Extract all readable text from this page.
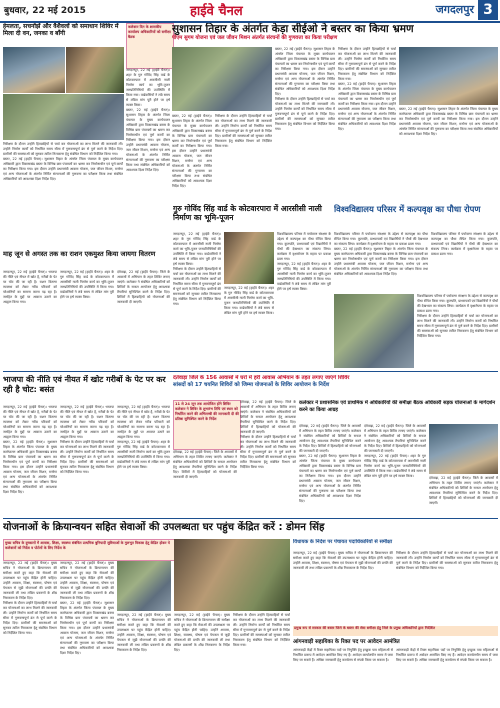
बुधवार, 22 मई 2015	हाईवे चैनल	जगदलपुर 3
हेमलता, सचनोंझें और वैशैवलों को समाधान शिविर में मिला दी वन, जनका व बाँगी

निरीक्षण के दौरान उन्होंने हितग्राहियों से चर्चा कर योजनाओं का लाभ मिलने की जानकारी ली। उन्होंने निर्माण कार्यों को निर्धारित समय सीमा में गुणवत्तापूर्ण ढंग से पूर्ण करने के निर्देश दिए। ग्रामीणों की समस्याओं को सुनकर त्वरित निराकरण हेतु संबंधित विभाग को निर्देशित किया गया।

बस्तर, 22 मई (हाईवे चैनल)। सुशासन तिहार के अंतर्गत जिला पंचायत के मुख्य कार्यपालन अधिकारी द्वारा विकासखंड बस्तर के विभिन्न ग्राम पंचायतों का भ्रमण कर निर्माणाधीन एवं पूर्ण कार्यों का निरीक्षण किया गया। इस दौरान उन्होंने प्रधानमंत्री आवास योजना, जल जीवन मिशन, मनरेगा एवं अन्य योजनाओं के अंतर्गत निर्मित संरचनाओं की गुणवत्ता का परीक्षण किया तथा संबंधित अधिकारियों को आवश्यक दिशा निर्देश दिए।

कलेक्टर दिन के शासकीय कार्यालय अधिकारियों को समीक्षा बैठक

जगदलपुर, 22 मई (हाईवे चैनल)। शहर के गुरु गोविंद सिंह वार्ड के कोटवारपारा में आरसीसी नाली निर्माण कार्य का भूमि-पूजन जनप्रतिनिधियों की उपस्थिति में किया गया। वार्डवासियों ने लंबे समय से लंबित मांग पूरी होने पर हर्ष व्यक्त किया।

बस्तर, 22 मई (हाईवे चैनल)। सुशासन तिहार के अंतर्गत जिला पंचायत के मुख्य कार्यपालन अधिकारी द्वारा विकासखंड बस्तर के विभिन्न ग्राम पंचायतों का भ्रमण कर निर्माणाधीन एवं पूर्ण कार्यों का निरीक्षण किया गया। इस दौरान उन्होंने प्रधानमंत्री आवास योजना, जल जीवन मिशन, मनरेगा एवं अन्य योजनाओं के अंतर्गत निर्मित संरचनाओं की गुणवत्ता का परीक्षण किया तथा संबंधित अधिकारियों को आवश्यक दिशा निर्देश दिए।

सुशासन तिहार के अंतर्गत केड़ा सीईओ ने बस्तर का किया भ्रमण
पीएम सुगम योजना एवं जल जीवन मिशन अंतर्गत संरचनों की गुणवत्ता का किया परीक्षण

बस्तर, 22 मई (हाईवे चैनल)। सुशासन तिहार के अंतर्गत जिला पंचायत के मुख्य कार्यपालन अधिकारी द्वारा विकासखंड बस्तर के विभिन्न ग्राम पंचायतों का भ्रमण कर निर्माणाधीन एवं पूर्ण कार्यों का निरीक्षण किया गया। इस दौरान उन्होंने प्रधानमंत्री आवास योजना, जल जीवन मिशन, मनरेगा एवं अन्य योजनाओं के अंतर्गत निर्मित संरचनाओं की गुणवत्ता का परीक्षण किया तथा संबंधित अधिकारियों को आवश्यक दिशा निर्देश दिए।

निरीक्षण के दौरान उन्होंने हितग्राहियों से चर्चा कर योजनाओं का लाभ मिलने की जानकारी ली। उन्होंने निर्माण कार्यों को निर्धारित समय सीमा में गुणवत्तापूर्ण ढंग से पूर्ण करने के निर्देश दिए। ग्रामीणों की समस्याओं को सुनकर त्वरित निराकरण हेतु संबंधित विभाग को निर्देशित किया गया।

बस्तर, 22 मई (हाईवे चैनल)। सुशासन तिहार के अंतर्गत जिला पंचायत के मुख्य कार्यपालन अधिकारी द्वारा विकासखंड बस्तर के विभिन्न ग्राम पंचायतों का भ्रमण कर निर्माणाधीन एवं पूर्ण कार्यों का निरीक्षण किया गया। इस दौरान उन्होंने प्रधानमंत्री आवास योजना, जल जीवन मिशन, मनरेगा एवं अन्य योजनाओं के अंतर्गत निर्मित संरचनाओं की गुणवत्ता का परीक्षण किया तथा संबंधित अधिकारियों को आवश्यक दिशा निर्देश दिए।

निरीक्षण के दौरान उन्होंने हितग्राहियों से चर्चा कर योजनाओं का लाभ मिलने की जानकारी ली। उन्होंने निर्माण कार्यों को निर्धारित समय सीमा में गुणवत्तापूर्ण ढंग से पूर्ण करने के निर्देश दिए। ग्रामीणों की समस्याओं को सुनकर त्वरित निराकरण हेतु संबंधित विभाग को निर्देशित किया गया।

निरीक्षण के दौरान उन्होंने हितग्राहियों से चर्चा कर योजनाओं का लाभ मिलने की जानकारी ली। उन्होंने निर्माण कार्यों को निर्धारित समय सीमा में गुणवत्तापूर्ण ढंग से पूर्ण करने के निर्देश दिए। ग्रामीणों की समस्याओं को सुनकर त्वरित निराकरण हेतु संबंधित विभाग को निर्देशित किया गया।

बस्तर, 22 मई (हाईवे चैनल)। सुशासन तिहार के अंतर्गत जिला पंचायत के मुख्य कार्यपालन अधिकारी द्वारा विकासखंड बस्तर के विभिन्न ग्राम पंचायतों का भ्रमण कर निर्माणाधीन एवं पूर्ण कार्यों का निरीक्षण किया गया। इस दौरान उन्होंने प्रधानमंत्री आवास योजना, जल जीवन मिशन, मनरेगा एवं अन्य योजनाओं के अंतर्गत निर्मित संरचनाओं की गुणवत्ता का परीक्षण किया तथा संबंधित अधिकारियों को आवश्यक दिशा निर्देश दिए।

बस्तर, 22 मई (हाईवे चैनल)। सुशासन तिहार के अंतर्गत जिला पंचायत के मुख्य कार्यपालन अधिकारी द्वारा विकासखंड बस्तर के विभिन्न ग्राम पंचायतों का भ्रमण कर निर्माणाधीन एवं पूर्ण कार्यों का निरीक्षण किया गया। इस दौरान उन्होंने प्रधानमंत्री आवास योजना, जल जीवन मिशन, मनरेगा एवं अन्य योजनाओं के अंतर्गत निर्मित संरचनाओं की गुणवत्ता का परीक्षण किया तथा संबंधित अधिकारियों को आवश्यक दिशा निर्देश दिए।

माह जून से अगस्त तक का राशन एकमुश्त किया जायगा वितरण

जगदलपुर, 22 मई (हाईवे चैनल)। भाजपा की नीति एवं नीयत में खोट है, गरीबों के पेट पर चोट की जा रही है। राशन वितरण व्यवस्था को लेकर गरीब परिवारों को परेशानियों का सामना करना पड़ रहा है। जनहित के मुद्दों पर आवाज उठाने का आह्वान किया गया।

जगदलपुर, 22 मई (हाईवे चैनल)। शहर के गुरु गोविंद सिंह वार्ड के कोटवारपारा में आरसीसी नाली निर्माण कार्य का भूमि-पूजन जनप्रतिनिधियों की उपस्थिति में किया गया। वार्डवासियों ने लंबे समय से लंबित मांग पूरी होने पर हर्ष व्यक्त किया।

दंतेवाड़ा, 22 मई (हाईवे चैनल)। जिले के आवासों में अभियान के तहत शिविर लगाए जाएंगे। कलेक्टर ने संबंधित अधिकारियों को शिविरों के सफल आयोजन हेतु आवश्यक तैयारियां सुनिश्चित करने के निर्देश दिए। शिविरों में हितग्राहियों को योजनाओं की जानकारी दी जाएगी।

गुरु गोविंद सिंह वार्ड के कोटवारपारा में आरसीसी नाली निर्माण का भूमि-पूजन

जगदलपुर, 22 मई (हाईवे चैनल)। शहर के गुरु गोविंद सिंह वार्ड के कोटवारपारा में आरसीसी नाली निर्माण कार्य का भूमि-पूजन जनप्रतिनिधियों की उपस्थिति में किया गया। वार्डवासियों ने लंबे समय से लंबित मांग पूरी होने पर हर्ष व्यक्त किया।

निरीक्षण के दौरान उन्होंने हितग्राहियों से चर्चा कर योजनाओं का लाभ मिलने की जानकारी ली। उन्होंने निर्माण कार्यों को निर्धारित समय सीमा में गुणवत्तापूर्ण ढंग से पूर्ण करने के निर्देश दिए। ग्रामीणों की समस्याओं को सुनकर त्वरित निराकरण हेतु संबंधित विभाग को निर्देशित किया गया।

जगदलपुर, 22 मई (हाईवे चैनल)। शहर के गुरु गोविंद सिंह वार्ड के कोटवारपारा में आरसीसी नाली निर्माण कार्य का भूमि-पूजन जनप्रतिनिधियों की उपस्थिति में किया गया। वार्डवासियों ने लंबे समय से लंबित मांग पूरी होने पर हर्ष व्यक्त किया।

विश्वविद्यालय परिसर में पर्यावरण संरक्षण के उद्देश्य से कल्पवृक्ष का पौधा रोपित किया गया। कुलपति, प्राध्यापकों एवं विद्यार्थियों ने पौधों की देखभाल का संकल्प लिया। कार्यक्रम में वृक्षारोपण के महत्व पर प्रकाश डाला गया।

जगदलपुर, 22 मई (हाईवे चैनल)। शहर के गुरु गोविंद सिंह वार्ड के कोटवारपारा में आरसीसी नाली निर्माण कार्य का भूमि-पूजन जनप्रतिनिधियों की उपस्थिति में किया गया। वार्डवासियों ने लंबे समय से लंबित मांग पूरी होने पर हर्ष व्यक्त किया।

विश्वविद्यालय परिसर में कल्पवृक्ष का पौधा रोपण

विश्वविद्यालय परिसर में पर्यावरण संरक्षण के उद्देश्य से कल्पवृक्ष का पौधा रोपित किया गया। कुलपति, प्राध्यापकों एवं विद्यार्थियों ने पौधों की देखभाल का संकल्प लिया। कार्यक्रम में वृक्षारोपण के महत्व पर प्रकाश डाला गया।

बस्तर, 22 मई (हाईवे चैनल)। सुशासन तिहार के अंतर्गत जिला पंचायत के मुख्य कार्यपालन अधिकारी द्वारा विकासखंड बस्तर के विभिन्न ग्राम पंचायतों का भ्रमण कर निर्माणाधीन एवं पूर्ण कार्यों का निरीक्षण किया गया। इस दौरान उन्होंने प्रधानमंत्री आवास योजना, जल जीवन मिशन, मनरेगा एवं अन्य योजनाओं के अंतर्गत निर्मित संरचनाओं की गुणवत्ता का परीक्षण किया तथा संबंधित अधिकारियों को आवश्यक दिशा निर्देश दिए।

विश्वविद्यालय परिसर में पर्यावरण संरक्षण के उद्देश्य से कल्पवृक्ष का पौधा रोपित किया गया। कुलपति, प्राध्यापकों एवं विद्यार्थियों ने पौधों की देखभाल का संकल्प लिया। कार्यक्रम में वृक्षारोपण के महत्व पर प्रकाश डाला गया।

विश्वविद्यालय परिसर में पर्यावरण संरक्षण के उद्देश्य से कल्पवृक्ष का पौधा रोपित किया गया। कुलपति, प्राध्यापकों एवं विद्यार्थियों ने पौधों की देखभाल का संकल्प लिया। कार्यक्रम में वृक्षारोपण के महत्व पर प्रकाश डाला गया।

निरीक्षण के दौरान उन्होंने हितग्राहियों से चर्चा कर योजनाओं का लाभ मिलने की जानकारी ली। उन्होंने निर्माण कार्यों को निर्धारित समय सीमा में गुणवत्तापूर्ण ढंग से पूर्ण करने के निर्देश दिए। ग्रामीणों की समस्याओं को सुनकर त्वरित निराकरण हेतु संबंधित विभाग को निर्देशित किया गया।

भाजपा की नीति एवं नीयत में खोट गरीबों के पेट पर कर रही है चोट: बसंत

जगदलपुर, 22 मई (हाईवे चैनल)। भाजपा की नीति एवं नीयत में खोट है, गरीबों के पेट पर चोट की जा रही है। राशन वितरण व्यवस्था को लेकर गरीब परिवारों को परेशानियों का सामना करना पड़ रहा है। जनहित के मुद्दों पर आवाज उठाने का आह्वान किया गया।

बस्तर, 22 मई (हाईवे चैनल)। सुशासन तिहार के अंतर्गत जिला पंचायत के मुख्य कार्यपालन अधिकारी द्वारा विकासखंड बस्तर के विभिन्न ग्राम पंचायतों का भ्रमण कर निर्माणाधीन एवं पूर्ण कार्यों का निरीक्षण किया गया। इस दौरान उन्होंने प्रधानमंत्री आवास योजना, जल जीवन मिशन, मनरेगा एवं अन्य योजनाओं के अंतर्गत निर्मित संरचनाओं की गुणवत्ता का परीक्षण किया तथा संबंधित अधिकारियों को आवश्यक दिशा निर्देश दिए।

जगदलपुर, 22 मई (हाईवे चैनल)। भाजपा की नीति एवं नीयत में खोट है, गरीबों के पेट पर चोट की जा रही है। राशन वितरण व्यवस्था को लेकर गरीब परिवारों को परेशानियों का सामना करना पड़ रहा है। जनहित के मुद्दों पर आवाज उठाने का आह्वान किया गया।

निरीक्षण के दौरान उन्होंने हितग्राहियों से चर्चा कर योजनाओं का लाभ मिलने की जानकारी ली। उन्होंने निर्माण कार्यों को निर्धारित समय सीमा में गुणवत्तापूर्ण ढंग से पूर्ण करने के निर्देश दिए। ग्रामीणों की समस्याओं को सुनकर त्वरित निराकरण हेतु संबंधित विभाग को निर्देशित किया गया।

जगदलपुर, 22 मई (हाईवे चैनल)। भाजपा की नीति एवं नीयत में खोट है, गरीबों के पेट पर चोट की जा रही है। राशन वितरण व्यवस्था को लेकर गरीब परिवारों को परेशानियों का सामना करना पड़ रहा है। जनहित के मुद्दों पर आवाज उठाने का आह्वान किया गया।

जगदलपुर, 22 मई (हाईवे चैनल)। शहर के गुरु गोविंद सिंह वार्ड के कोटवारपारा में आरसीसी नाली निर्माण कार्य का भूमि-पूजन जनप्रतिनिधियों की उपस्थिति में किया गया। वार्डवासियों ने लंबे समय से लंबित मांग पूरी होने पर हर्ष व्यक्त किया।

दंतेवाड़ा जिले के 156 आवासों में घरों में हरी आवास अभियान के तहत लगाए जाएंगे शिविर
सांसदों को 17 चयनित शिविरों को जिम्मा योजनाओं के शिविर आयोजन के निर्देश
11 से 24 जून तक आयोजित होंगे शिविर कलेक्टर ने शिविर के शुभारंभ तिथि एवं स्थल को निर्धारित करने की अभिलम्बी की जानकारी दी की प्रतिष्ठा सुनिश्चित करने के निर्देश

दंतेवाड़ा, 22 मई (हाईवे चैनल)। जिले के आवासों में अभियान के तहत शिविर लगाए जाएंगे। कलेक्टर ने संबंधित अधिकारियों को शिविरों के सफल आयोजन हेतु आवश्यक तैयारियां सुनिश्चित करने के निर्देश दिए। शिविरों में हितग्राहियों को योजनाओं की जानकारी दी जाएगी।

दंतेवाड़ा, 22 मई (हाईवे चैनल)। जिले के आवासों में अभियान के तहत शिविर लगाए जाएंगे। कलेक्टर ने संबंधित अधिकारियों को शिविरों के सफल आयोजन हेतु आवश्यक तैयारियां सुनिश्चित करने के निर्देश दिए। शिविरों में हितग्राहियों को योजनाओं की जानकारी दी जाएगी।

निरीक्षण के दौरान उन्होंने हितग्राहियों से चर्चा कर योजनाओं का लाभ मिलने की जानकारी ली। उन्होंने निर्माण कार्यों को निर्धारित समय सीमा में गुणवत्तापूर्ण ढंग से पूर्ण करने के निर्देश दिए। ग्रामीणों की समस्याओं को सुनकर त्वरित निराकरण हेतु संबंधित विभाग को निर्देशित किया गया।

कलेक्टर ने प्रशासनिक एवं प्राथमिक में अधिकारियों की समीक्षा बैठक अधिकारी सड़क योजनाओं के मार्गदर्शन करने का किया आग्रह

दंतेवाड़ा, 22 मई (हाईवे चैनल)। जिले के आवासों में अभियान के तहत शिविर लगाए जाएंगे। कलेक्टर ने संबंधित अधिकारियों को शिविरों के सफल आयोजन हेतु आवश्यक तैयारियां सुनिश्चित करने के निर्देश दिए। शिविरों में हितग्राहियों को योजनाओं की जानकारी दी जाएगी।

बस्तर, 22 मई (हाईवे चैनल)। सुशासन तिहार के अंतर्गत जिला पंचायत के मुख्य कार्यपालन अधिकारी द्वारा विकासखंड बस्तर के विभिन्न ग्राम पंचायतों का भ्रमण कर निर्माणाधीन एवं पूर्ण कार्यों का निरीक्षण किया गया। इस दौरान उन्होंने प्रधानमंत्री आवास योजना, जल जीवन मिशन, मनरेगा एवं अन्य योजनाओं के अंतर्गत निर्मित संरचनाओं की गुणवत्ता का परीक्षण किया तथा संबंधित अधिकारियों को आवश्यक दिशा निर्देश दिए।

दंतेवाड़ा, 22 मई (हाईवे चैनल)। जिले के आवासों में अभियान के तहत शिविर लगाए जाएंगे। कलेक्टर ने संबंधित अधिकारियों को शिविरों के सफल आयोजन हेतु आवश्यक तैयारियां सुनिश्चित करने के निर्देश दिए। शिविरों में हितग्राहियों को योजनाओं की जानकारी दी जाएगी।

जगदलपुर, 22 मई (हाईवे चैनल)। शहर के गुरु गोविंद सिंह वार्ड के कोटवारपारा में आरसीसी नाली निर्माण कार्य का भूमि-पूजन जनप्रतिनिधियों की उपस्थिति में किया गया। वार्डवासियों ने लंबे समय से लंबित मांग पूरी होने पर हर्ष व्यक्त किया।	दंतेवाड़ा, 22 मई (हाईवे चैनल)। जिले के आवासों में अभियान के तहत शिविर लगाए जाएंगे। कलेक्टर ने संबंधित अधिकारियों को शिविरों के सफल आयोजन हेतु आवश्यक तैयारियां सुनिश्चित करने के निर्देश दिए। शिविरों में हितग्राहियों को योजनाओं की जानकारी दी जाएगी।

योजनाओं के क्रियान्वयन सहित सेवाओं की उपलब्धता घर पहुंच केंद्रित करें : डोमन सिंह
मुख्य सचिव के दुष्कालों में आवास, शिक्षा, स्वास्थ्य संबंधित प्राथमिक बुनियादी सुविधाओं के मुलभूत विकास हेतु केंद्रित होकर ये कलेक्टरों को निर्देश व पोर्टलों के लिए निर्देश के

जगदलपुर, 22 मई (हाईवे चैनल)। मुख्य सचिव ने योजनाओं के क्रियान्वयन की समीक्षा करते हुए कहा कि सेवाओं की उपलब्धता घर पहुंच केंद्रित होनी चाहिए। उन्होंने आवास, शिक्षा, स्वास्थ्य, पोषण एवं पेयजल से जुड़ी योजनाओं की प्रगति की जानकारी ली तथा लंबित प्रकरणों के शीघ्र निराकरण के निर्देश दिए।

निरीक्षण के दौरान उन्होंने हितग्राहियों से चर्चा कर योजनाओं का लाभ मिलने की जानकारी ली। उन्होंने निर्माण कार्यों को निर्धारित समय सीमा में गुणवत्तापूर्ण ढंग से पूर्ण करने के निर्देश दिए। ग्रामीणों की समस्याओं को सुनकर त्वरित निराकरण हेतु संबंधित विभाग को निर्देशित किया गया।

जगदलपुर, 22 मई (हाईवे चैनल)। मुख्य सचिव ने योजनाओं के क्रियान्वयन की समीक्षा करते हुए कहा कि सेवाओं की उपलब्धता घर पहुंच केंद्रित होनी चाहिए। उन्होंने आवास, शिक्षा, स्वास्थ्य, पोषण एवं पेयजल से जुड़ी योजनाओं की प्रगति की जानकारी ली तथा लंबित प्रकरणों के शीघ्र निराकरण के निर्देश दिए।

बस्तर, 22 मई (हाईवे चैनल)। सुशासन तिहार के अंतर्गत जिला पंचायत के मुख्य कार्यपालन अधिकारी द्वारा विकासखंड बस्तर के विभिन्न ग्राम पंचायतों का भ्रमण कर निर्माणाधीन एवं पूर्ण कार्यों का निरीक्षण किया गया। इस दौरान उन्होंने प्रधानमंत्री आवास योजना, जल जीवन मिशन, मनरेगा एवं अन्य योजनाओं के अंतर्गत निर्मित संरचनाओं की गुणवत्ता का परीक्षण किया तथा संबंधित अधिकारियों को आवश्यक दिशा निर्देश दिए।

जगदलपुर, 22 मई (हाईवे चैनल)। मुख्य सचिव ने योजनाओं के क्रियान्वयन की समीक्षा करते हुए कहा कि सेवाओं की उपलब्धता घर पहुंच केंद्रित होनी चाहिए। उन्होंने आवास, शिक्षा, स्वास्थ्य, पोषण एवं पेयजल से जुड़ी योजनाओं की प्रगति की जानकारी ली तथा लंबित प्रकरणों के शीघ्र निराकरण के निर्देश दिए।

जगदलपुर, 22 मई (हाईवे चैनल)। मुख्य सचिव ने योजनाओं के क्रियान्वयन की समीक्षा करते हुए कहा कि सेवाओं की उपलब्धता घर पहुंच केंद्रित होनी चाहिए। उन्होंने आवास, शिक्षा, स्वास्थ्य, पोषण एवं पेयजल से जुड़ी योजनाओं की प्रगति की जानकारी ली तथा लंबित प्रकरणों के शीघ्र निराकरण के निर्देश दिए।

निरीक्षण के दौरान उन्होंने हितग्राहियों से चर्चा कर योजनाओं का लाभ मिलने की जानकारी ली। उन्होंने निर्माण कार्यों को निर्धारित समय सीमा में गुणवत्तापूर्ण ढंग से पूर्ण करने के निर्देश दिए। ग्रामीणों की समस्याओं को सुनकर त्वरित निराकरण हेतु संबंधित विभाग को निर्देशित किया गया।

विधायक के निर्देश पर पंचायत पदाधिकारियों से समीक्षा

जगदलपुर, 22 मई (हाईवे चैनल)। मुख्य सचिव ने योजनाओं के क्रियान्वयन की समीक्षा करते हुए कहा कि सेवाओं की उपलब्धता घर पहुंच केंद्रित होनी चाहिए। उन्होंने आवास, शिक्षा, स्वास्थ्य, पोषण एवं पेयजल से जुड़ी योजनाओं की प्रगति की जानकारी ली तथा लंबित प्रकरणों के शीघ्र निराकरण के निर्देश दिए।

निरीक्षण के दौरान उन्होंने हितग्राहियों से चर्चा कर योजनाओं का लाभ मिलने की जानकारी ली। उन्होंने निर्माण कार्यों को निर्धारित समय सीमा में गुणवत्तापूर्ण ढंग से पूर्ण करने के निर्देश दिए। ग्रामीणों की समस्याओं को सुनकर त्वरित निराकरण हेतु संबंधित विभाग को निर्देशित किया गया।

प्रमुख रूप से सरकार की बस्तर जिले के बस्तर की सेवा समीक्षा हेतु जिले के प्रमुख अधिकारियों द्वारा निर्देशित
आंगनवाड़ी सहायिका के रिक्त पद पर आवेदन आमंत्रित

आंगनवाड़ी केंद्रों में रिक्त सहायिका पदों पर नियुक्ति हेतु इच्छुक पात्र महिलाओं से निर्धारित प्रारूप में आवेदन आमंत्रित किए गए हैं। आवेदन कार्यालयीन समय में जमा किए जा सकते हैं। अधिक जानकारी हेतु कार्यालय से संपर्क किया जा सकता है।

आंगनवाड़ी केंद्रों में रिक्त सहायिका पदों पर नियुक्ति हेतु इच्छुक पात्र महिलाओं से निर्धारित प्रारूप में आवेदन आमंत्रित किए गए हैं। आवेदन कार्यालयीन समय में जमा किए जा सकते हैं। अधिक जानकारी हेतु कार्यालय से संपर्क किया जा सकता है।
